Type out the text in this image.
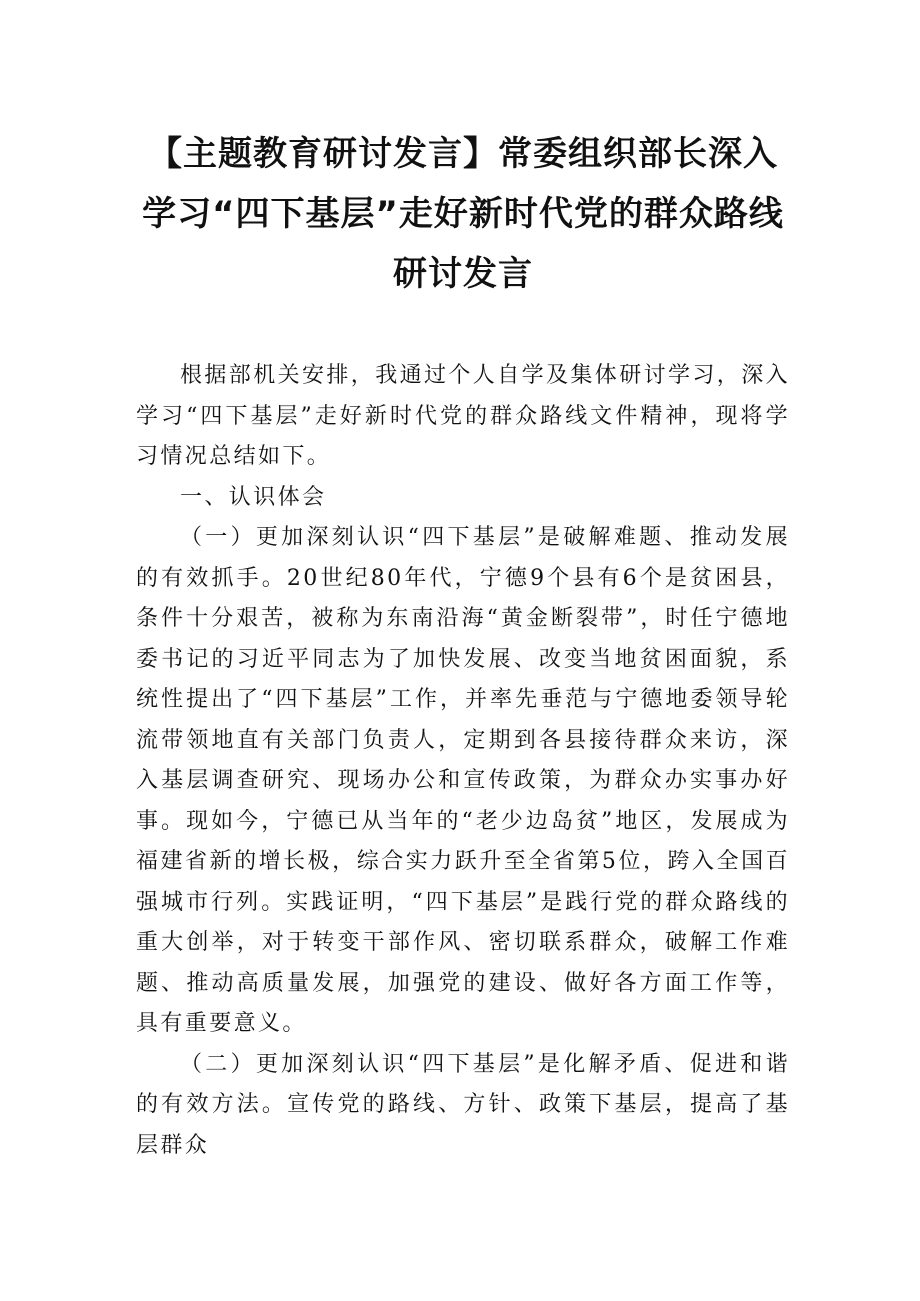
【主题教育研讨发言】常委组织部长深入
学习“四下基层”走好新时代党的群众路线
研讨发言

根据部机关安排，我通过个人自学及集体研讨学习，深入学习“四下基层”走好新时代党的群众路线文件精神，现将学习情况总结如下。

一、认识体会

（一）更加深刻认识“四下基层”是破解难题、推动发展的有效抓手。20世纪80年代，宁德9个县有6个是贫困县，条件十分艰苦，被称为东南沿海“黄金断裂带”，时任宁德地委书记的习近平同志为了加快发展、改变当地贫困面貌，系统性提出了“四下基层”工作，并率先垂范与宁德地委领导轮流带领地直有关部门负责人，定期到各县接待群众来访，深入基层调查研究、现场办公和宣传政策，为群众办实事办好事。现如今，宁德已从当年的“老少边岛贫”地区，发展成为福建省新的增长极，综合实力跃升至全省第5位，跨入全国百强城市行列。实践证明，“四下基层”是践行党的群众路线的重大创举，对于转变干部作风、密切联系群众，破解工作难题、推动高质量发展，加强党的建设、做好各方面工作等，具有重要意义。

（二）更加深刻认识“四下基层”是化解矛盾、促进和谐的有效方法。宣传党的路线、方针、政策下基层，提高了基层群众
